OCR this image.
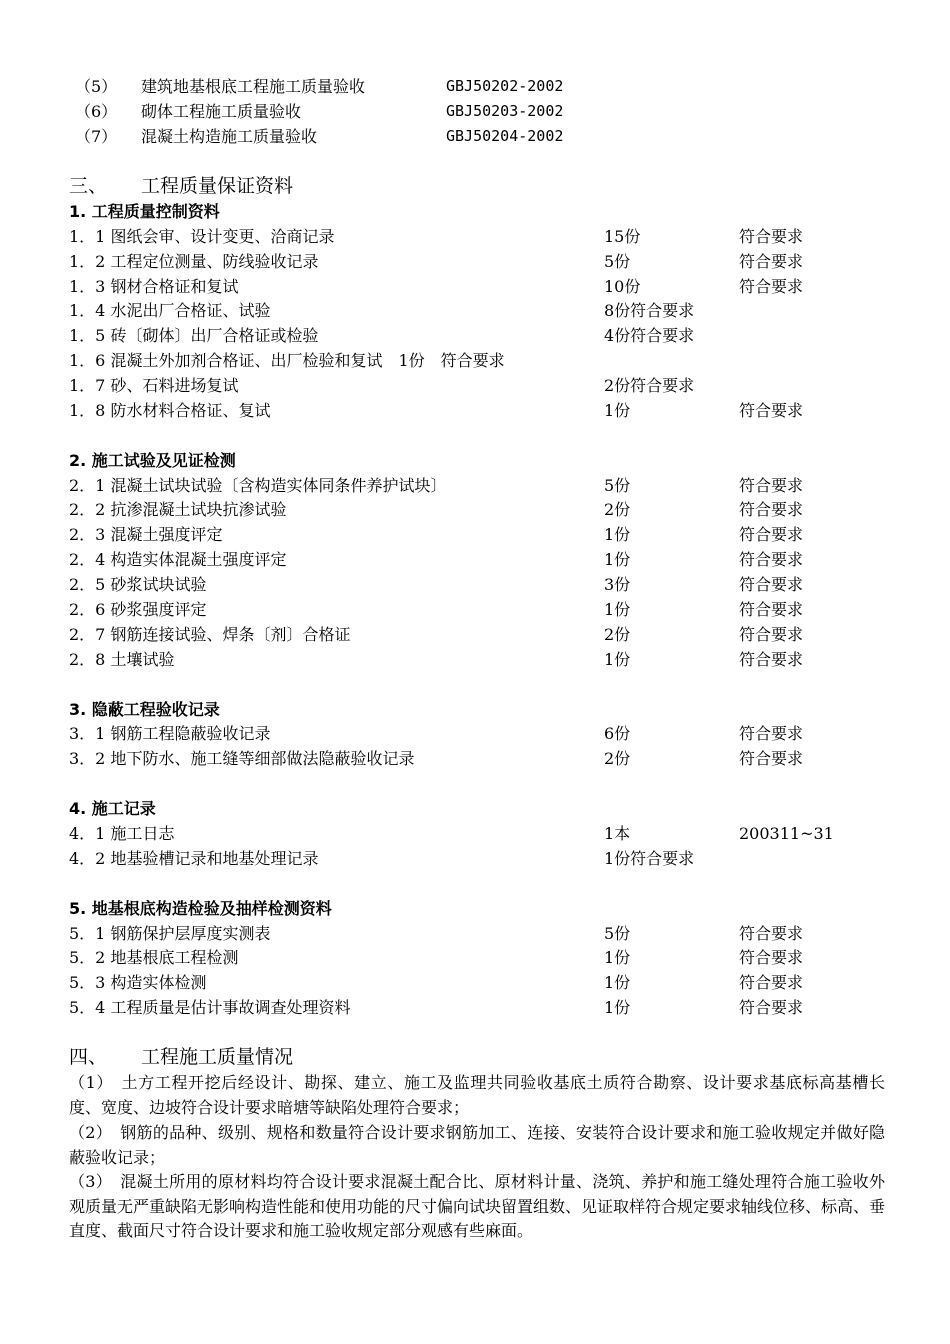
（5） 建筑地基根底工程施工质量验收	GBJ50202-2002
（6） 砌体工程施工质量验收	GBJ50203-2002
（7） 混凝土构造施工质量验收	GBJ50204-2002
三、 工程质量保证资料
1. 工程质量控制资料
1．1 图纸会审、设计变更、洽商记录	15份	符合要求
1．2 工程定位测量、防线验收记录	5份	符合要求
1．3 钢材合格证和复试	10份	符合要求
1．4 水泥出厂合格证、试验	8份符合要求
1．5 砖〔砌体〕出厂合格证或检验	4份符合要求
1．6 混凝土外加剂合格证、出厂检验和复试　1份　符合要求
1．7 砂、石料进场复试	2份符合要求
1．8 防水材料合格证、复试	1份	符合要求
2. 施工试验及见证检测
2．1 混凝土试块试验〔含构造实体同条件养护试块〕	5份	符合要求
2．2 抗渗混凝土试块抗渗试验	2份	符合要求
2．3 混凝土强度评定	1份	符合要求
2．4 构造实体混凝土强度评定	1份	符合要求
2．5 砂浆试块试验	3份	符合要求
2．6 砂浆强度评定	1份	符合要求
2．7 钢筋连接试验、焊条〔剂〕合格证	2份	符合要求
2．8 土壤试验	1份	符合要求
3. 隐蔽工程验收记录
3．1 钢筋工程隐蔽验收记录	6份	符合要求
3．2 地下防水、施工缝等细部做法隐蔽验收记录	2份	符合要求
4. 施工记录
4．1 施工日志	1本	200311~31
4．2 地基验槽记录和地基处理记录	1份符合要求
5. 地基根底构造检验及抽样检测资料
5．1 钢筋保护层厚度实测表	5份	符合要求
5．2 地基根底工程检测	1份	符合要求
5．3 构造实体检测	1份	符合要求
5．4 工程质量是估计事故调查处理资料	1份	符合要求
四、 工程施工质量情况
（1）　土方工程开挖后经设计、勘探、建立、施工及监理共同验收基底土质符合勘察、设计要求基底标高基槽长度、宽度、边坡符合设计要求暗塘等缺陷处理符合要求；
（2）　钢筋的品种、级别、规格和数量符合设计要求钢筋加工、连接、安装符合设计要求和施工验收规定并做好隐蔽验收记录；
（3）　混凝土所用的原材料均符合设计要求混凝土配合比、原材料计量、浇筑、养护和施工缝处理符合施工验收外观质量无严重缺陷无影响构造性能和使用功能的尺寸偏向试块留置组数、见证取样符合规定要求轴线位移、标高、垂直度、截面尺寸符合设计要求和施工验收规定部分观感有些麻面。
